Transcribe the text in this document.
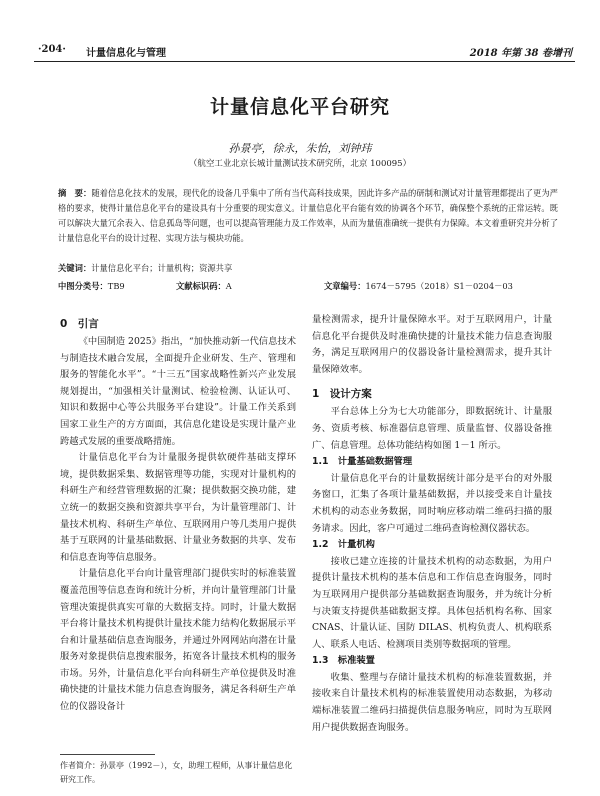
·204· 计量信息化与管理	2018 年第 38 卷增刊
计量信息化平台研究
孙景亭，徐永，朱怡，刘钟玮
（航空工业北京长城计量测试技术研究所，北京 100095）
摘　要：随着信息化技术的发展，现代化的设备几乎集中了所有当代高科技成果，因此许多产品的研制和测试对计量管理都提出了更为严格的要求，使得计量信息化平台的建设具有十分重要的现实意义。计量信息化平台能有效的协调各个环节，确保整个系统的正常运转。既可以解决大量冗余表入、信息孤岛等问题，也可以提高管理能力及工作效率，从而为量值准确统一提供有力保障。本文着重研究并分析了计量信息化平台的设计过程、实现方法与模块功能。
关键词：计量信息化平台；计量机构；资源共享
中图分类号：TB9	文献标识码：A	文章编号：1674－5795（2018）S1－0204－03
0　引言

《中国制造 2025》指出，“加快推动新一代信息技术与制造技术融合发展，全面提升企业研发、生产、管理和服务的智能化水平”。“十三五”国家战略性新兴产业发展规划提出，“加强相关计量测试、检验检测、认证认可、知识和数据中心等公共服务平台建设”。计量工作关系到国家工业生产的方方面面，其信息化建设是实现计量产业跨越式发展的重要战略措施。

计量信息化平台为计量服务提供软硬件基础支撑环境，提供数据采集、数据管理等功能，实现对计量机构的科研生产和经营管理数据的汇聚；提供数据交换功能，建立统一的数据交换和资源共享平台，为计量管理部门、计量技术机构、科研生产单位、互联网用户等几类用户提供基于互联网的计量基础数据、计量业务数据的共享、发布和信息查询等信息服务。

计量信息化平台向计量管理部门提供实时的标准装置覆盖范围等信息查询和统计分析，并向计量管理部门计量管理决策提供真实可靠的大数据支持。同时，计量大数据平台将计量技术机构提供计量技术能力结构化数据展示平台和计量基础信息查询服务，并通过外网网站向潜在计量服务对象提供信息搜索服务，拓宽各计量技术机构的服务市场。另外，计量信息化平台向科研生产单位提供及时准确快捷的计量技术能力信息查询服务，满足各科研生产单位的仪器设备计

量检测需求，提升计量保障水平。对于互联网用户，计量信息化平台提供及时准确快捷的计量技术能力信息查询服务，满足互联网用户的仪器设备计量检测需求，提升其计量保障效率。

1　设计方案

平台总体上分为七大功能部分，即数据统计、计量服务、资质考核、标准器信息管理、质量监督、仪器设备推广、信息管理。总体功能结构如图 1－1 所示。

1.1　计量基础数据管理

计量信息化平台的计量数据统计部分是平台的对外服务窗口，汇集了各项计量基础数据，并以接受来自计量技术机构的动态业务数据，同时响应移动端二维码扫描的服务请求。因此，客户可通过二维码查询检测仪器状态。

1.2　计量机构

接收已建立连接的计量技术机构的动态数据，为用户提供计量技术机构的基本信息和工作信息查询服务，同时为互联网用户提供部分基础数据查询服务，并为统计分析与决策支持提供基础数据支撑。具体包括机构名称、国家 CNAS、计量认证、国防 DILAS、机构负责人、机构联系人、联系人电话、检测项目类别等数据项的管理。

1.3　标准装置

收集、整理与存储计量技术机构的标准装置数据，并接收来自计量技术机构的标准装置使用动态数据，为移动端标准装置二维码扫描提供信息服务响应，同时为互联网用户提供数据查询服务。

作者简介：孙景亭（1992－），女，助理工程师，从事计量信息化研究工作。
